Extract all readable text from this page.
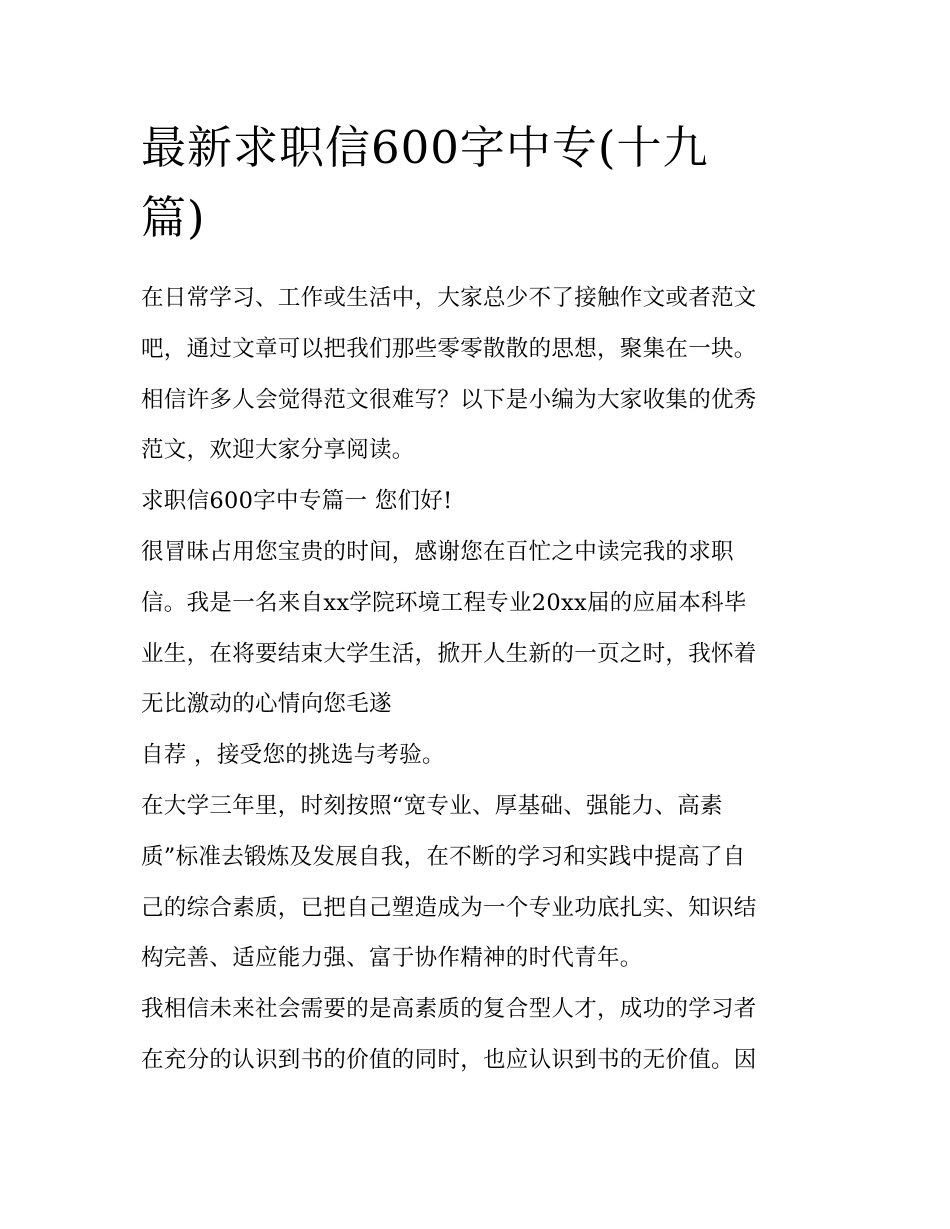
最新求职信600字中专(十九
篇)
在日常学习、工作或生活中，大家总少不了接触作文或者范文
吧，通过文章可以把我们那些零零散散的思想，聚集在一块。
相信许多人会觉得范文很难写？以下是小编为大家收集的优秀
范文，欢迎大家分享阅读。
求职信600字中专篇一 您们好!
很冒昧占用您宝贵的时间，感谢您在百忙之中读完我的求职
信。我是一名来自xx学院环境工程专业20xx届的应届本科毕
业生，在将要结束大学生活，掀开人生新的一页之时，我怀着
无比激动的心情向您毛遂
自荐 ，接受您的挑选与考验。
在大学三年里，时刻按照“宽专业、厚基础、强能力、高素
质”标准去锻炼及发展自我，在不断的学习和实践中提高了自
己的综合素质，已把自己塑造成为一个专业功底扎实、知识结
构完善、适应能力强、富于协作精神的时代青年。
我相信未来社会需要的是高素质的复合型人才，成功的学习者
在充分的认识到书的价值的同时，也应认识到书的无价值。因
